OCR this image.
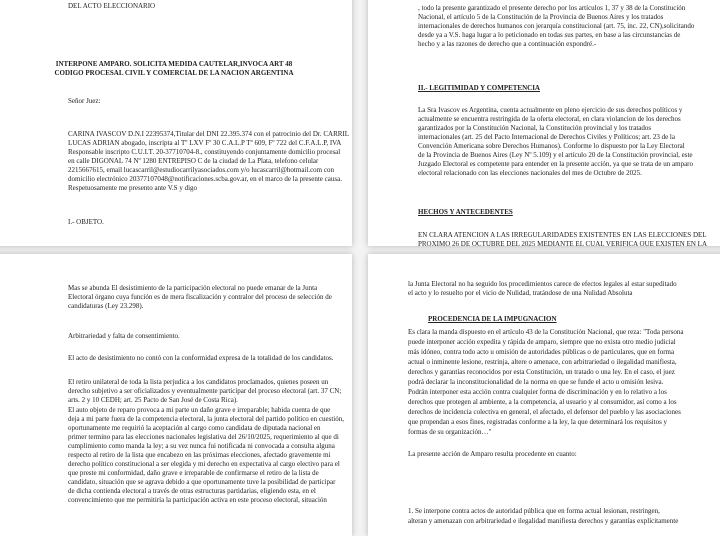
DEL ACTO ELECCIONARIO
INTERPONE AMPARO. SOLICITA MEDIDA CAUTELAR,INVOCA ART 48
CODIGO PROCESAL CIVIL Y COMERCIAL DE LA NACION ARGENTINA
Señor Juez:
CARINA IVASCOV D.N.I 22395374,Titular del DNI 22.395.374 con el patrocinio del Dr. CARRIL
LUCAS ADRIAN abogado, inscripta al Tº LXV Fº 30 C.A.L.P Tº 609, Fº 722 del C.F.A.L.P, IVA
Responsable inscripto C.U.I.T. 20-37710704-8., constituyendo conjuntamente domicilio procesal
en calle DIGONAL 74 Nº 1280 ENTREPISO C de la ciudad de La Plata, telefono celular
2215667615, email lucascarril@estudiocarrilyasociados.com y/o lucascarril@hotmail.com con
domicilio electrónico 20377107048@notificaciones.scba.gov.ar, en el marco de la presente causa.
Respetuosamente me presento ante V.S y digo
I.- OBJETO.
, todo la presente garantizado el presente derecho por los artículos 1, 37 y 38 de la Constitución
Nacional, el artículo 5 de la Constitución de la Provincia de Buenos Aires y los tratados
internacionales de derechos humanos con jerarquía constitucional (art. 75, inc. 22, CN),solicitando
desde ya a V.S. haga lugar a lo peticionado en todas sus partes, en base a las circunstancias de
hecho y a las razones de derecho que a continuación expondré.-
II.- LEGITIMIDAD Y COMPETENCIA
La Sra Ivascov es Argentina, cuenta actualmente en pleno ejercicio de sus derechos políticos y
actualmente se encuentra restringida de la oferta electoral, en clara violancion de los derechos
garantizados por la Constitución Nacional, la Constitución provincial y los tratados
internacionales (art. 25 del Pacto Internacional de Derechos Civiles y Políticos; art. 23 de la
Convención Americana sobre Derechos Humanos). Conforme lo dispuesto por la Ley Electoral
de la Provincia de Buenos Aires (Ley Nº 5.109) y el artículo 20 de la Constitución provincial, este
Juzgado Electoral es competente para entender en la presente acción, ya que se trata de un amparo
electoral relacionado con las elecciones nacionales del mes de Octubre de 2025.
HECHOS Y ANTECEDENTES
EN CLARA ATENCION A LAS IRREGULARIDADES EXISTENTES EN LAS ELECCIONES DEL
PROXIMO 26 DE OCTUBRE DEL 2025 MEDIANTE EL CUAL VERIFICA QUE EXISTEN EN LA
Mas se abunda El desistimiento de la participación electoral no puede emanar de la Junta
Electoral órgano cuya función es de mera fiscalización y contralor del proceso de selección de
candidaturas (Ley 23.298).
Arbitrariedad y falta de consentimiento.
El acto de desistimiento no contó con la conformidad expresa de la totalidad de los candidatos.
El retiro unilateral de toda la lista perjudica a los candidatos proclamados, quienes poseen un
derecho subjetivo a ser oficializados y eventualmente participar del proceso electoral (art. 37 CN;
arts. 2 y 10 CEDH; art. 25 Pacto de San José de Costa Rica).
El auto objeto de reparo provoca a mi parte un daño grave e irreparable; habida cuenta de que
deja a mi parte fuera de la competencia electoral, la junta electoral del partido político en cuestión,
oportunamente me requirió la aceptación al cargo como candidata de diputada nacional en
primer termino para las elecciones nacionales legislativa del 26/10/2025, requerimiento al que di
cumplimiento como manda la ley; a su vez nunca fui notificada ni convocada a consulta alguna
respecto al retiro de la lista que encabezo en las próximas elecciones, afectado gravemente mi
derecho político constitucional a ser elegida y mi derecho en expectativa al cargo electivo para el
que preste mi conformidad, daño grave e irreparable de confirmarse el retiro de la lista de
candidato, situación que se agrava debido a que oportunamente tuve la posibilidad de participar
de dicha contienda electoral a través de otras estructuras partidarias, eligiendo esta, en el
convencimiento que me permitiría la participación activa en este proceso electoral, situación
la Junta Electoral no ha seguido los procedimientos carece de efectos legales al estar supeditado
el acto y lo resuelto por el vicio de Nulidad, tratándose de una Nulidad Absoluta
PROCEDENCIA DE LA IMPUGNACION
Es clara la manda dispuesto en el artículo 43 de la Constitución Nacional, que reza: "Toda persona
puede interponer acción expedita y rápida de amparo, siempre que no exista otro medio judicial
más idóneo, contra todo acto u omisión de autoridades públicas o de particulares, que en forma
actual o inminente lesione, restrinja, altere o amenace, con arbitrariedad o ilegalidad manifiesta,
derechos y garantías reconocidos por esta Constitución, un tratado o una ley. En el caso, el juez
podrá declarar la inconstitucionalidad de la norma en que se funde el acto u omisión lesiva.
Podrán interponer esta acción contra cualquier forma de discriminación y en lo relativo a los
derechos que protegen al ambiente, a la competencia, al usuario y al consumidor, así como a los
derechos de incidencia colectiva en general, el afectado, el defensor del pueblo y las asociaciones
que propendan a esos fines, registradas conforme a la ley, la que determinará los requisitos y
formas de su organización…"
La presente acción de Amparo resulta procedente en cuanto:
1. Se interpone contra actos de autoridad pública que en forma actual lesionan, restringen,
alteran y amenazan con arbitrariedad e ilegalidad manifiesta derechos y garantías explícitamente
